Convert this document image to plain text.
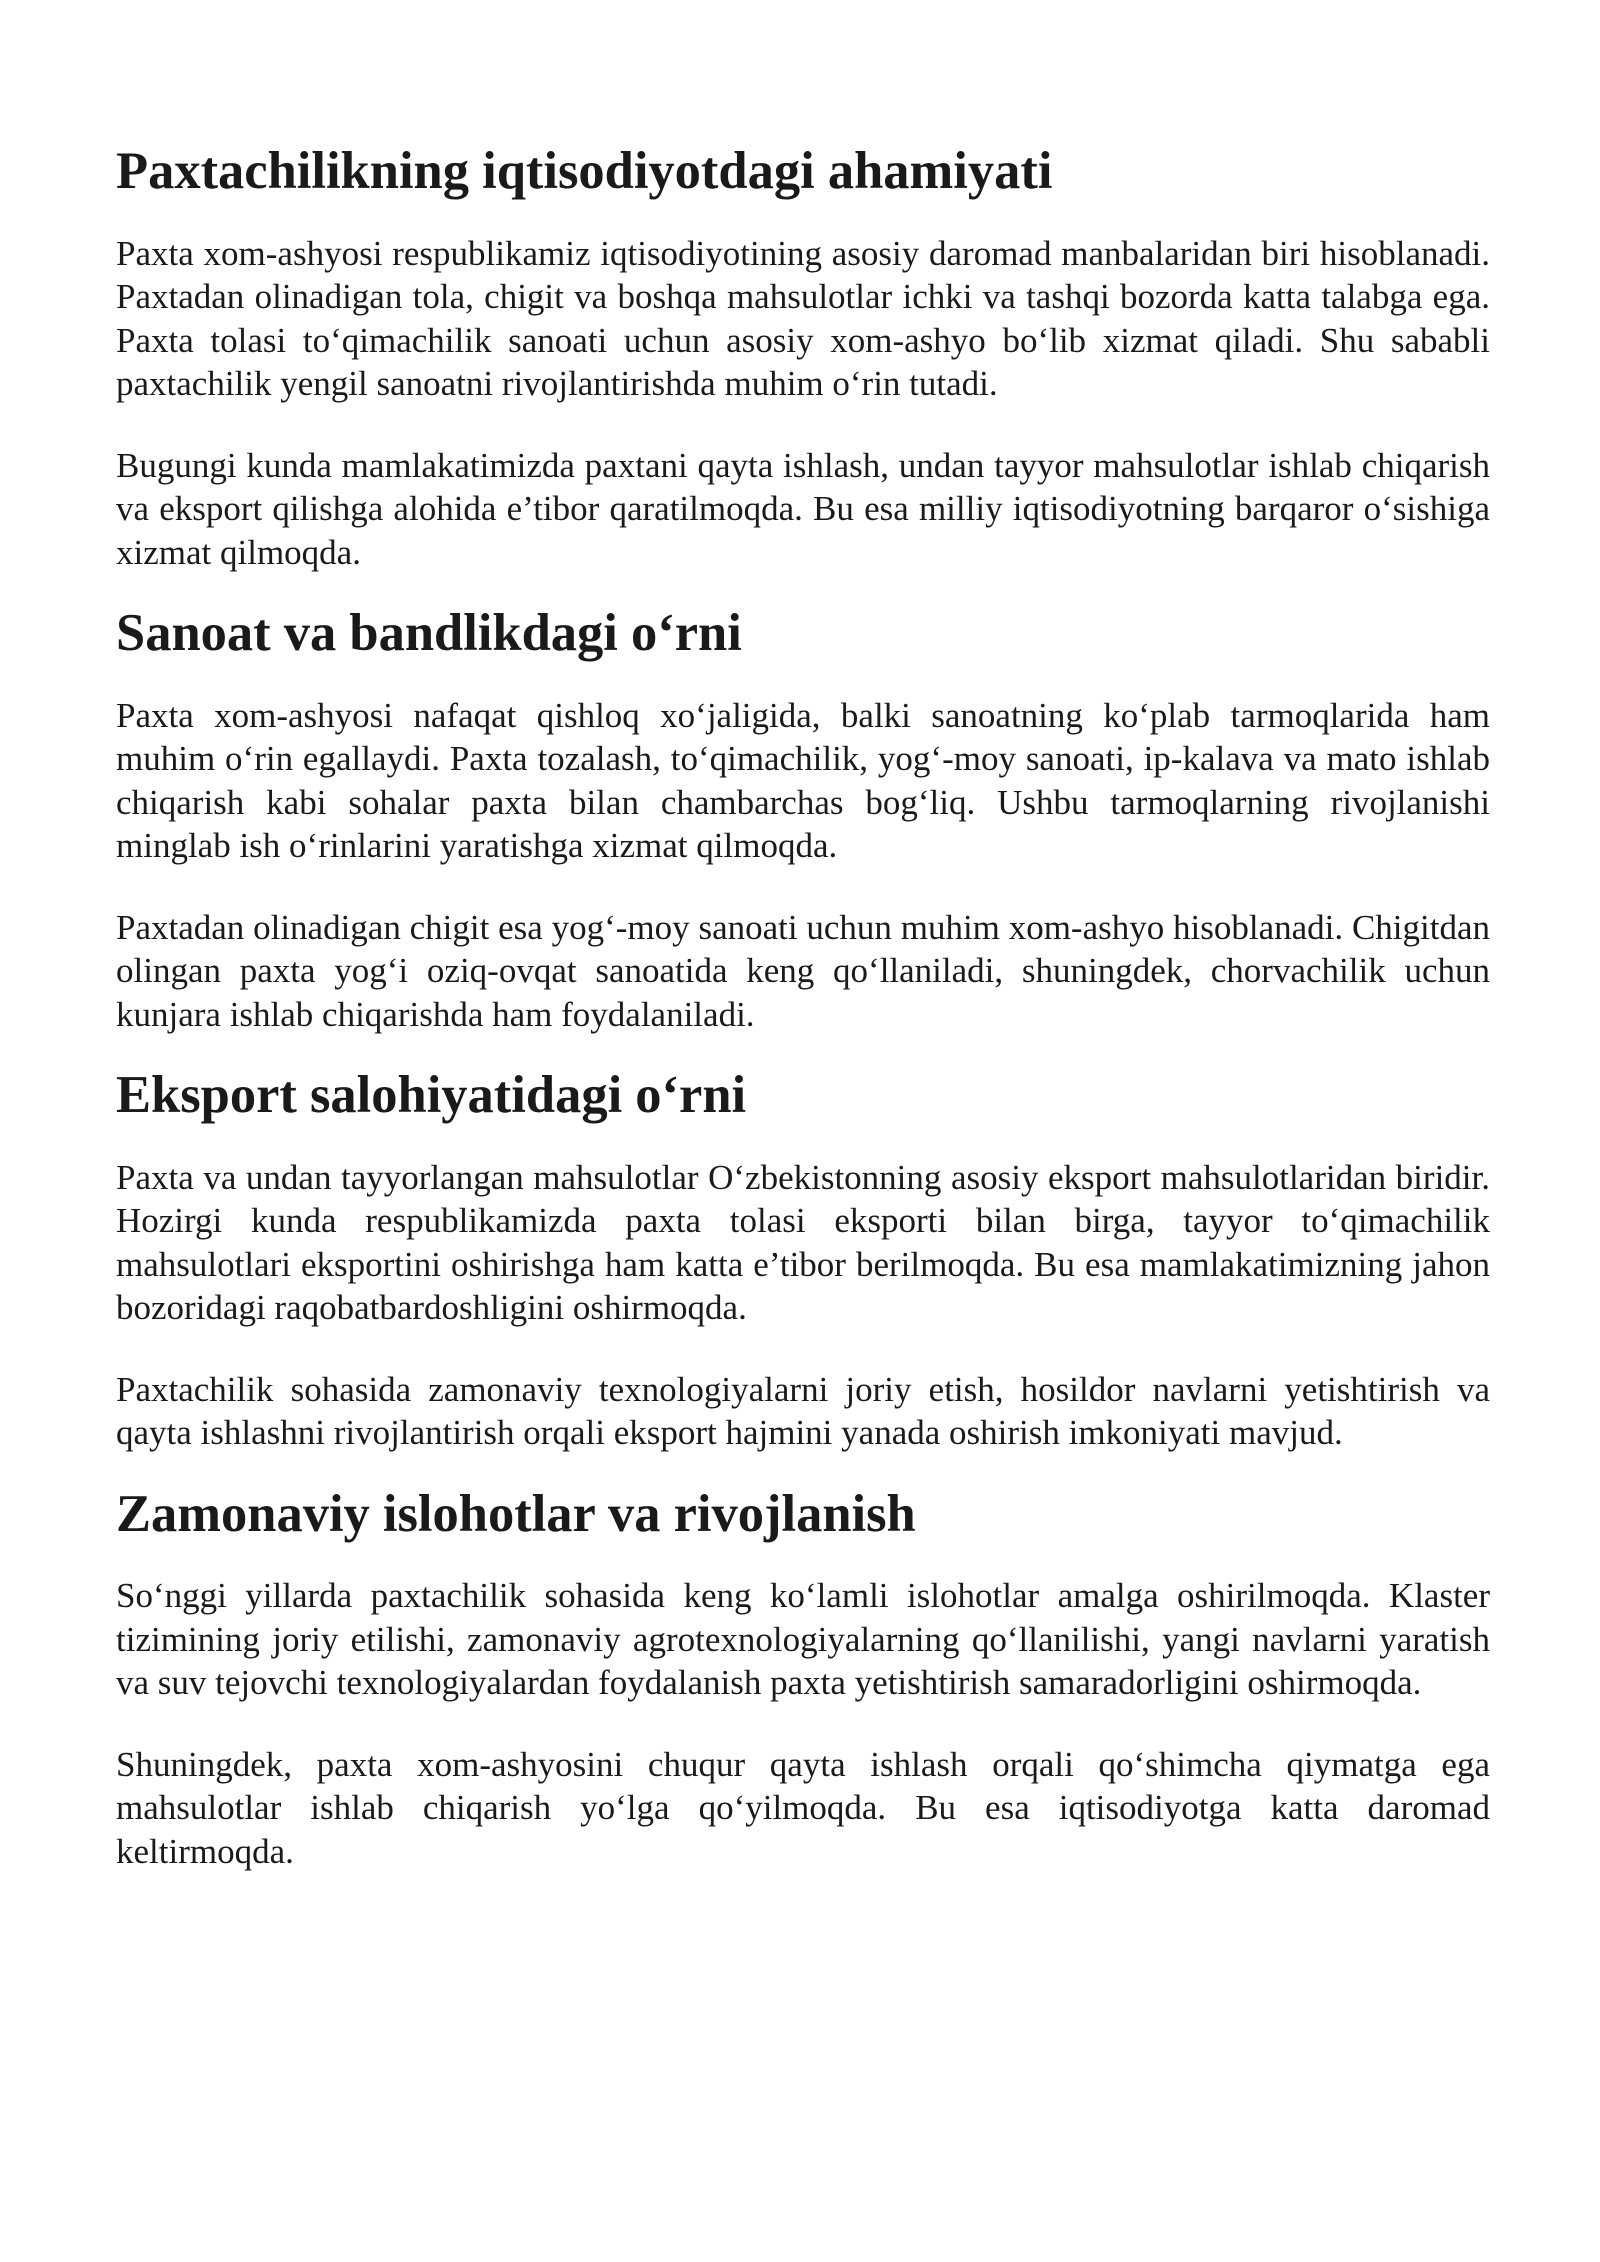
Paxtachilikning iqtisodiyotdagi ahamiyati

Paxta xom-ashyosi respublikamiz iqtisodiyotining asosiy daromad manbalaridan biri hisoblanadi. Paxtadan olinadigan tola, chigit va boshqa mahsulotlar ichki va tashqi bozorda katta talabga ega. Paxta tolasi to‘qimachilik sanoati uchun asosiy xom-ashyo bo‘lib xizmat qiladi. Shu sababli paxtachilik yengil sanoatni rivojlantirishda muhim o‘rin tutadi.

Bugungi kunda mamlakatimizda paxtani qayta ishlash, undan tayyor mahsulotlar ishlab chiqarish va eksport qilishga alohida e’tibor qaratilmoqda. Bu esa milliy iqtisodiyotning barqaror o‘sishiga xizmat qilmoqda.

Sanoat va bandlikdagi o‘rni

Paxta xom-ashyosi nafaqat qishloq xo‘jaligida, balki sanoatning ko‘plab tarmoqlarida ham muhim o‘rin egallaydi. Paxta tozalash, to‘qimachilik, yog‘-moy sanoati, ip-kalava va mato ishlab chiqarish kabi sohalar paxta bilan chambarchas bog‘liq. Ushbu tarmoqlarning rivojlanishi minglab ish o‘rinlarini yaratishga xizmat qilmoqda.

Paxtadan olinadigan chigit esa yog‘-moy sanoati uchun muhim xom-ashyo hisoblanadi. Chigitdan olingan paxta yog‘i oziq-ovqat sanoatida keng qo‘llaniladi, shuningdek, chorvachilik uchun kunjara ishlab chiqarishda ham foydalaniladi.

Eksport salohiyatidagi o‘rni

Paxta va undan tayyorlangan mahsulotlar O‘zbekistonning asosiy eksport mahsulotlaridan biridir. Hozirgi kunda respublikamizda paxta tolasi eksporti bilan birga, tayyor to‘qimachilik mahsulotlari eksportini oshirishga ham katta e’tibor berilmoqda. Bu esa mamlakatimizning jahon bozoridagi raqobatbardoshligini oshirmoqda.

Paxtachilik sohasida zamonaviy texnologiyalarni joriy etish, hosildor navlarni yetishtirish va qayta ishlashni rivojlantirish orqali eksport hajmini yanada oshirish imkoniyati mavjud.

Zamonaviy islohotlar va rivojlanish

So‘nggi yillarda paxtachilik sohasida keng ko‘lamli islohotlar amalga oshirilmoqda. Klaster tizimining joriy etilishi, zamonaviy agrotexnologiyalarning qo‘llanilishi, yangi navlarni yaratish va suv tejovchi texnologiyalardan foydalanish paxta yetishtirish samaradorligini oshirmoqda.

Shuningdek, paxta xom-ashyosini chuqur qayta ishlash orqali qo‘shimcha qiymatga ega mahsulotlar ishlab chiqarish yo‘lga qo‘yilmoqda. Bu esa iqtisodiyotga katta daromad keltirmoqda.
